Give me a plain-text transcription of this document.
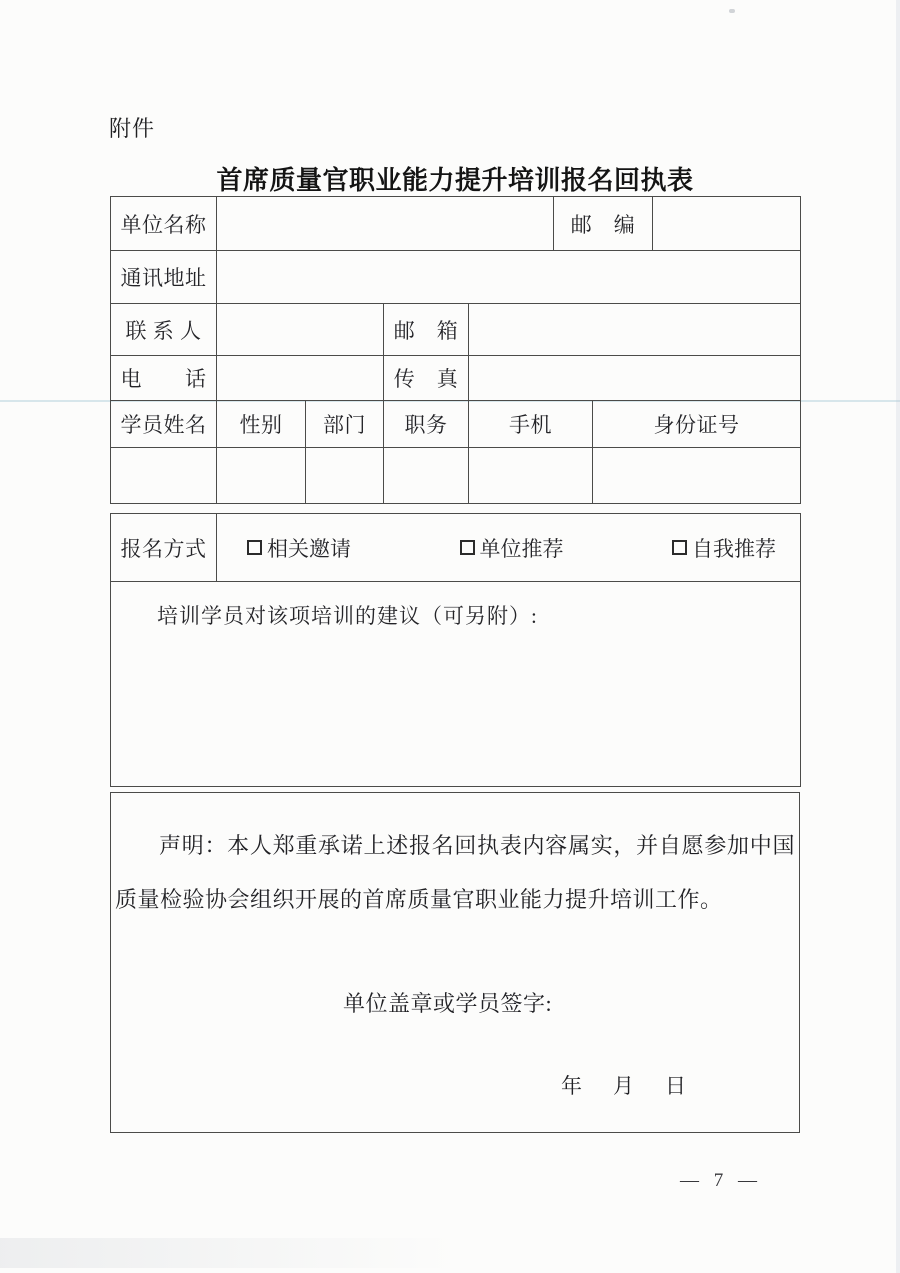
附件
首席质量官职业能力提升培训报名回执表
单位名称					邮　编		
通讯地址							
联 系 人			邮　箱				
电　　话			传　真				
学员姓名	性别	部门	职务	手机		身份证号	

报名方式	相关邀请	单位推荐	自我推荐

培训学员对该项培训的建议（可另附）:

声明：本人郑重承诺上述报名回执表内容属实，并自愿参加中国质量检验协会组织开展的首席质量官职业能力提升培训工作。

单位盖章或学员签字:
年　月　日
— 7 —
